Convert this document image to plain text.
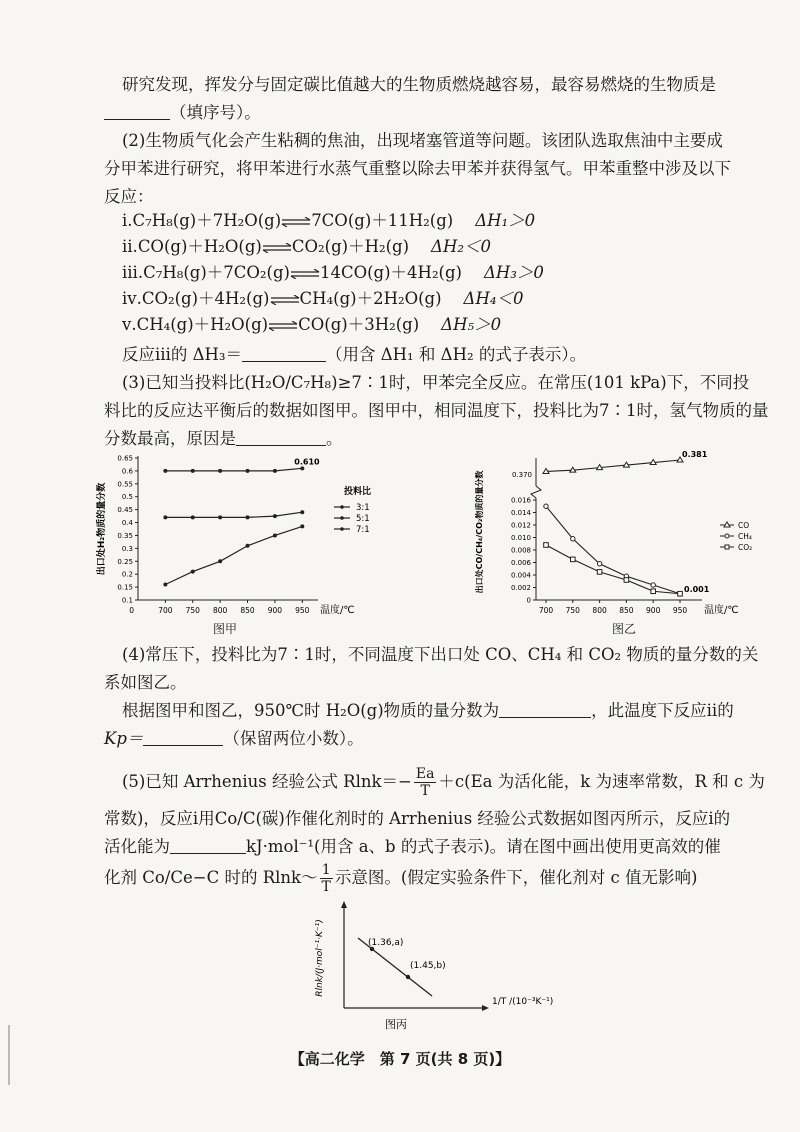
研究发现，挥发分与固定碳比值越大的生物质燃烧越容易，最容易燃烧的生物质是
（填序号）。
(2)生物质气化会产生粘稠的焦油，出现堵塞管道等问题。该团队选取焦油中主要成
分甲苯进行研究，将甲苯进行水蒸气重整以除去甲苯并获得氢气。甲苯重整中涉及以下
反应：
ⅰ.C₇H₈(g)＋7H₂O(g)⇌7CO(g)＋11H₂(g) ΔH₁＞0
ⅱ.CO(g)＋H₂O(g)⇌CO₂(g)＋H₂(g) ΔH₂＜0
ⅲ.C₇H₈(g)＋7CO₂(g)⇌14CO(g)＋4H₂(g) ΔH₃＞0
ⅳ.CO₂(g)＋4H₂(g)⇌CH₄(g)＋2H₂O(g) ΔH₄＜0
ⅴ.CH₄(g)＋H₂O(g)⇌CO(g)＋3H₂(g) ΔH₅＞0
反应ⅲ的 ΔH₃＝	（用含 ΔH₁ 和 ΔH₂ 的式子表示）。
(3)已知当投料比(H₂O/C₇H₈)≥7∶1时，甲苯完全反应。在常压(101 kPa)下，不同投
料比的反应达平衡后的数据如图甲。图甲中，相同温度下，投料比为7∶1时，氢气物质的量
分数最高，原因是	。
0.1
0.15
0.2
0.25
0.3
0.35
0.4
0.45
0.5
0.55
0.6
0.65
700 750 800 850 900 950
0	温度/℃
出口处H₂物质的量分数
0.610
投料比
3:1
5:1
7:1
图甲
0.370
0
0.002
0.004
0.006
0.008
0.010
0.012
0.014
0.016
700 750 800 850 900 950 温度/℃
出口处CO/CH₄/CO₂物质的量分数
0.381
0.001
CO
CH₄
CO₂
图乙
(4)常压下，投料比为7∶1时，不同温度下出口处 CO、CH₄ 和 CO₂ 物质的量分数的关
系如图乙。
根据图甲和图乙，950℃时 H₂O(g)物质的量分数为	，此温度下反应ⅱ的
Kp＝	（保留两位小数）。
(5)已知 Arrhenius 经验公式 $Rlnk=- \frac{Ea}{T} +c(Ea$ 为活化能，k 为速率常数，R 和 c 为
常数)，反应ⅰ用Co/C(碳)作催化剂时的 Arrhenius 经验公式数据如图丙所示，反应ⅰ的
活化能为	kJ·mol⁻¹(用含 a、b 的式子表示)。请在图中画出使用更高效的催
化剂 Co/Ce−C 时的 Rlnk～ $\frac{1}{T}$ 示意图。(假定实验条件下，催化剂对 c 值无影响)
(1.36,a)
(1.45,b)
Rlnk/(J·mol⁻¹·K⁻¹)
1/T /(10⁻³K⁻¹)
图丙
【高二化学　第 7 页(共 8 页)】
